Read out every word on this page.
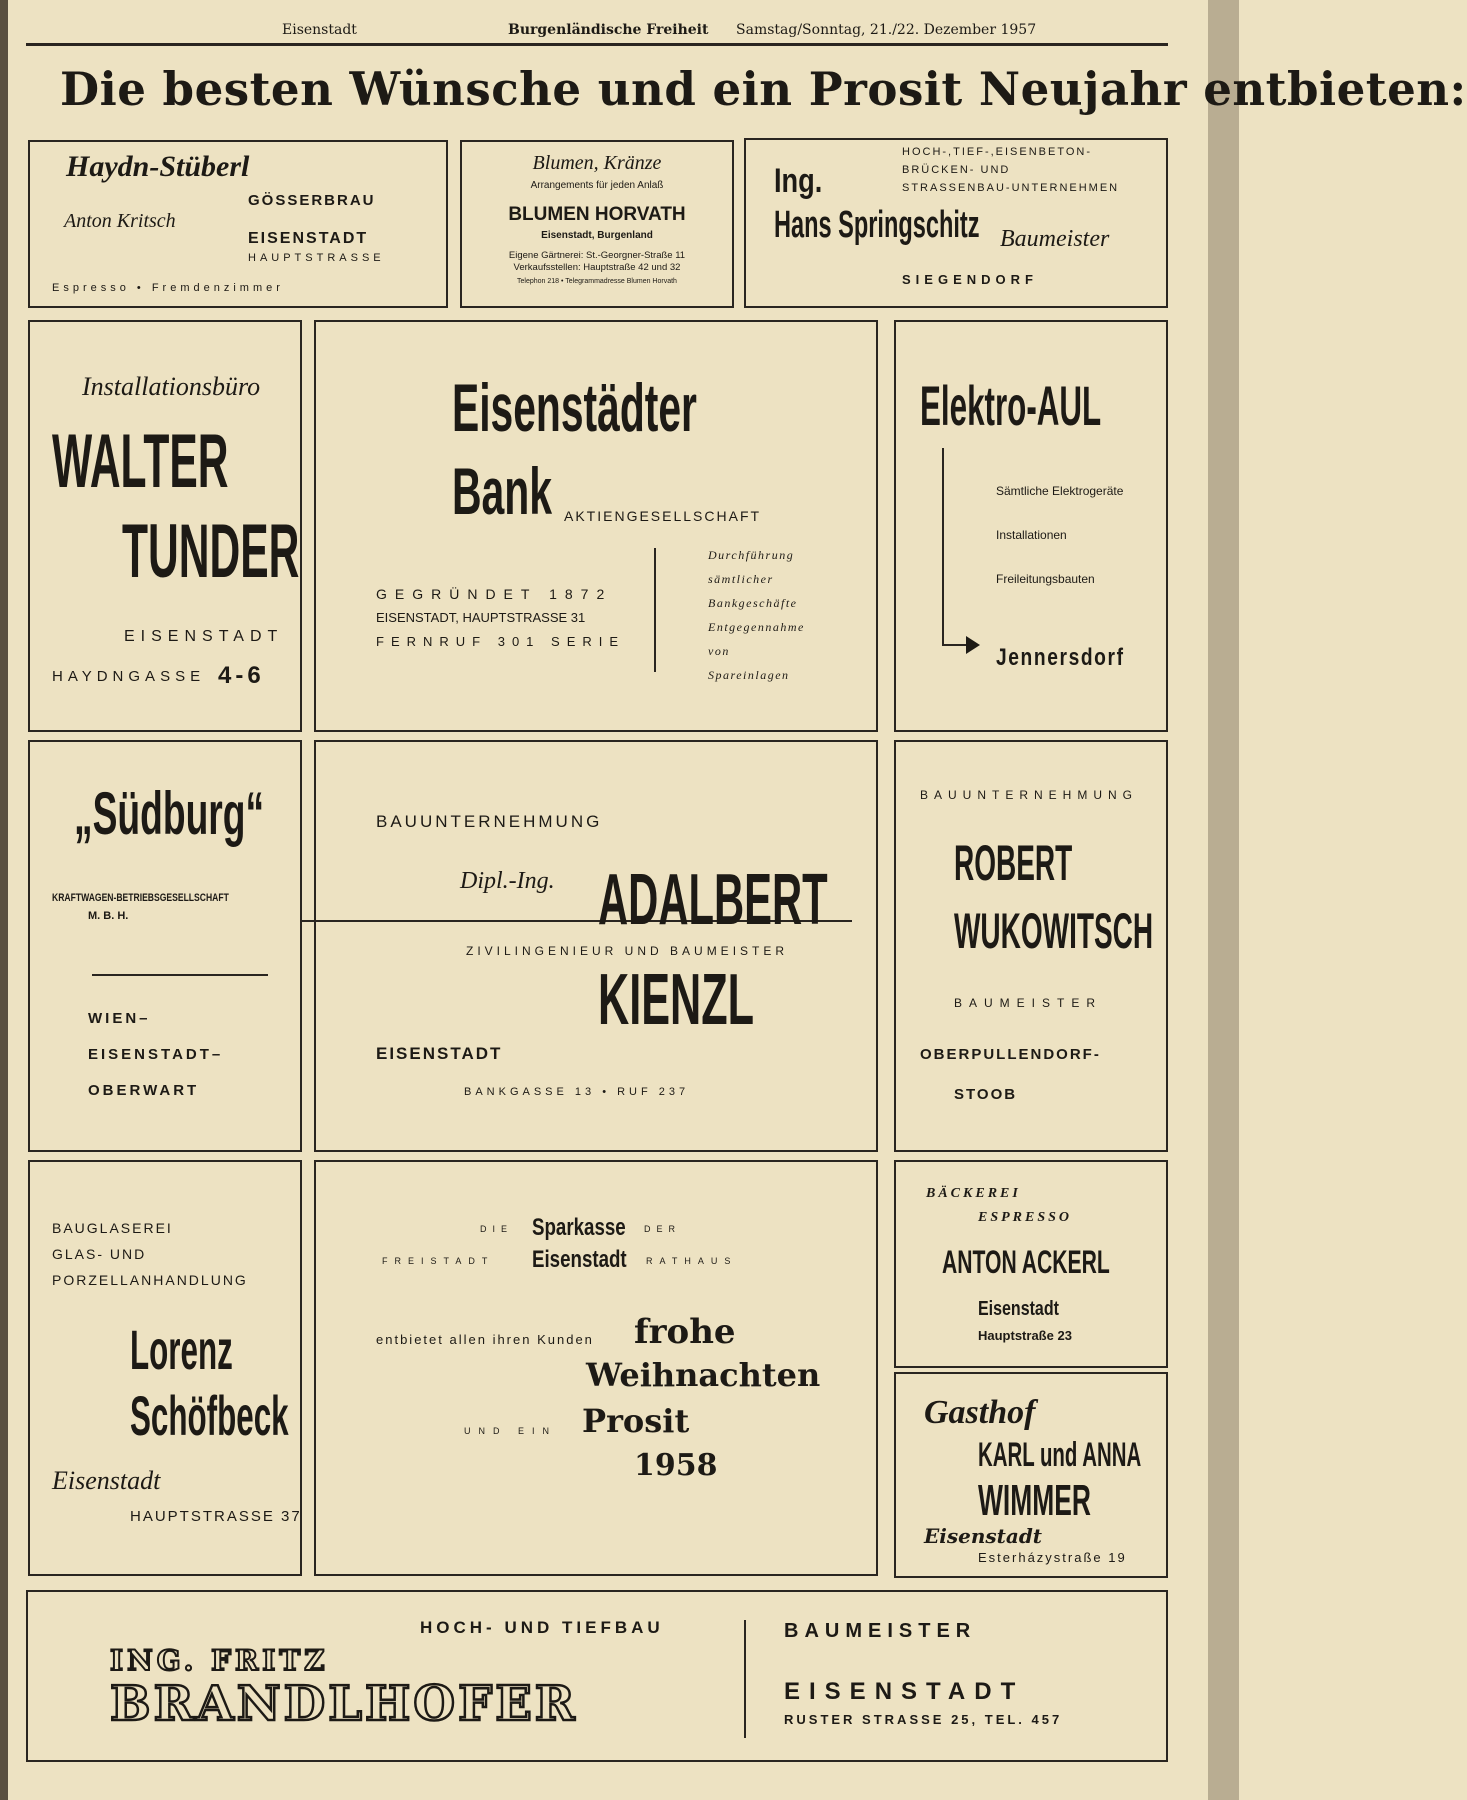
Eisenstadt	Burgenländische Freiheit Samstag/Sonntag, 21./22. Dezember 1957
Die besten Wünsche und ein Prosit Neujahr entbieten:
Haydn-Stüberl
Anton Kritsch
GÖSSERBRAU
EISENSTADT
HAUPTSTRASSE
Espresso • Fremdenzimmer
Blumen, Kränze
Arrangements für jeden Anlaß
BLUMEN HORVATH
Eisenstadt, Burgenland
Eigene Gärtnerei: St.-Georgner-Straße 11
Verkaufsstellen: Hauptstraße 42 und 32
Telephon 218 • Telegrammadresse Blumen Horvath
HOCH-,TIEF-,EISENBETON-
BRÜCKEN- UND
STRASSENBAU-UNTERNEHMEN
Ing.
Hans Springschitz Baumeister
SIEGENDORF
Installationsbüro
WALTER
TUNDER
EISENSTADT
HAYDNGASSE 4-6
Eisenstädter
Bank AKTIENGESELLSCHAFT
GEGRÜNDET 1872
EISENSTADT, HAUPTSTRASSE 31
FERNRUF 301 SERIE
Durchführung
sämtlicher
Bankgeschäfte
Entgegennahme
von
Spareinlagen
Elektro-AUL
Sämtliche Elektrogeräte
Installationen
Freileitungsbauten
Jennersdorf
„Südburg“
KRAFTWAGEN-BETRIEBSGESELLSCHAFT
M. B. H.
WIEN–
EISENSTADT–
OBERWART
BAUUNTERNEHMUNG
Dipl.-Ing. ADALBERT
ZIVILINGENIEUR UND BAUMEISTER
KIENZL
EISENSTADT
BANKGASSE 13 • RUF 237
BAUUNTERNEHMUNG
ROBERT
WUKOWITSCH
BAUMEISTER
OBERPULLENDORF-
STOOB
BAUGLASEREI
GLAS- UND
PORZELLANHANDLUNG
Lorenz
Schöfbeck
Eisenstadt
HAUPTSTRASSE 37
DIE Sparkasse DER
FREISTADT Eisenstadt RATHAUS
entbietet allen ihren Kunden frohe
Weihnachten
UND EIN Prosit
1958
BÄCKEREI
ESPRESSO
ANTON ACKERL
Eisenstadt
Hauptstraße 23
Gasthof
KARL und ANNA
WIMMER
Eisenstadt
Esterházystraße 19
ING. FRITZ
BRANDLHOFER
HOCH- UND TIEFBAU	BAUMEISTER
EISENSTADT
RUSTER STRASSE 25, TEL. 457
